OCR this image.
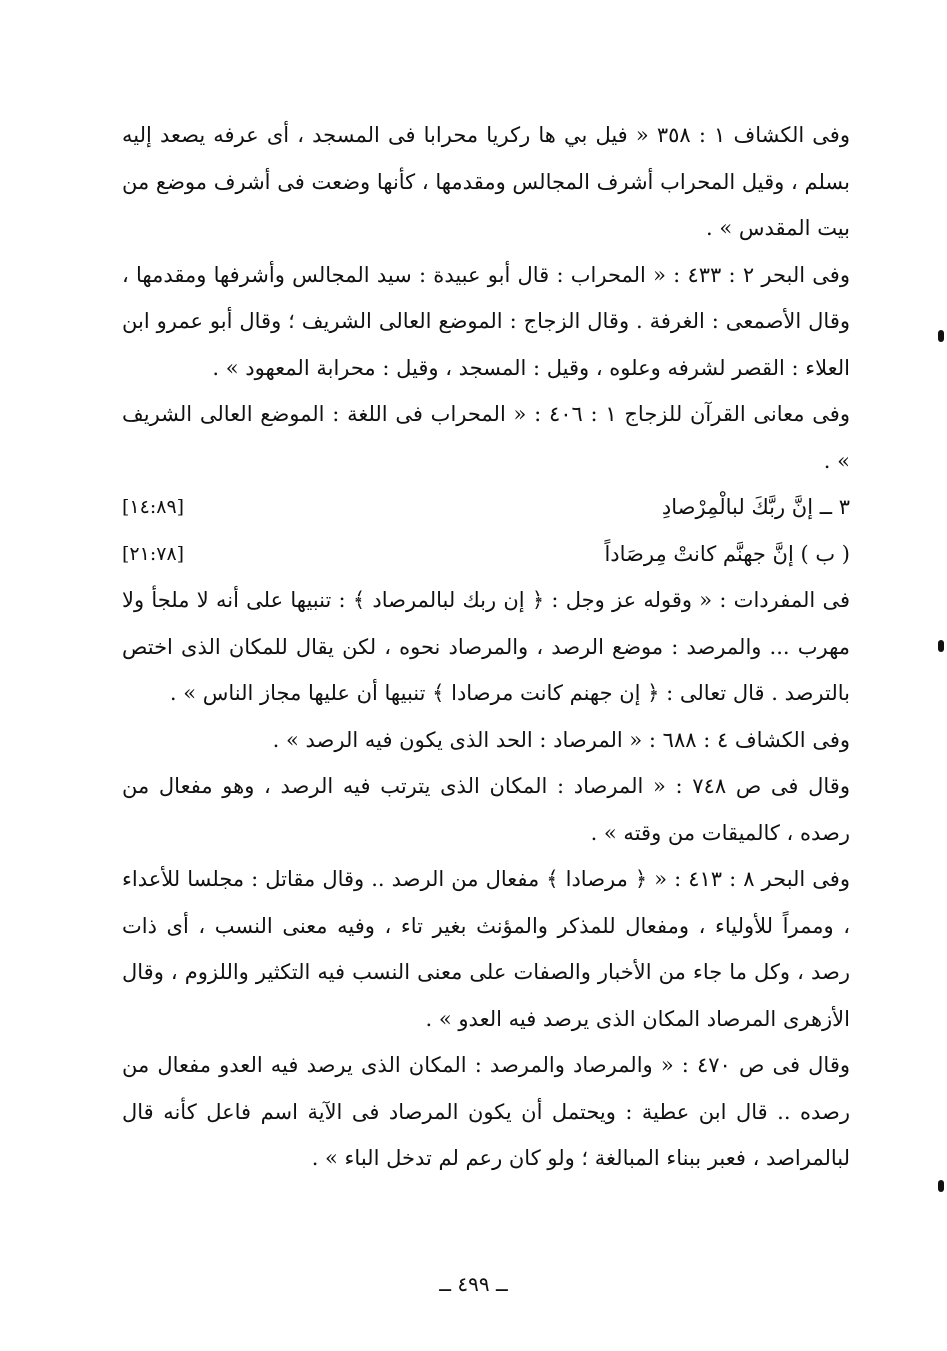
وفى الكشاف ١ : ٣٥٨ « فيل بي ها ركريا محرابا فى المسجد ، أى عرفه يصعد إليه بسلم ، وقيل المحراب أشرف المجالس ومقدمها ، كأنها وضعت فى أشرف موضع من بيت المقدس » .

وفى البحر ٢ : ٤٣٣ : « المحراب : قال أبو عبيدة : سيد المجالس وأشرفها ومقدمها ، وقال الأصمعى : الغرفة . وقال الزجاج : الموضع العالى الشريف ؛ وقال أبو عمرو ابن العلاء : القصر لشرفه وعلوه ، وقيل : المسجد ، وقيل : محرابة المعهود » .

وفى معانى القرآن للزجاج ١ : ٤٠٦ : « المحراب فى اللغة : الموضع العالى الشريف » .

٣ ــ إنَّ ربَّكَ لبالْمِرْصادِ
[١٤:٨٩]
( ب ) إنَّ جهنَّم كانتْ مِرصَاداً
[٢١:٧٨]

فى المفردات : « وقوله عز وجل : ﴿ إن ربك لبالمرصاد ﴾ : تنبيها على أنه لا ملجأ ولا مهرب ... والمرصد : موضع الرصد ، والمرصاد نحوه ، لكن يقال للمكان الذى اختص بالترصد . قال تعالى : ﴿ إن جهنم كانت مرصادا ﴾ تنبيها أن عليها مجاز الناس » .

وفى الكشاف ٤ : ٦٨٨ : « المرصاد : الحد الذى يكون فيه الرصد » .

وقال فى ص ٧٤٨ : « المرصاد : المكان الذى يترتب فيه الرصد ، وهو مفعال من رصده ، كالميقات من وقته » .

وفى البحر ٨ : ٤١٣ : « ﴿ مرصادا ﴾ مفعال من الرصد .. وقال مقاتل : مجلسا للأعداء ، وممراً للأولياء ، ومفعال للمذكر والمؤنث بغير تاء ، وفيه معنى النسب ، أى ذات رصد ، وكل ما جاء من الأخبار والصفات على معنى النسب فيه التكثير واللزوم ، وقال الأزهرى المرصاد المكان الذى يرصد فيه العدو » .

وقال فى ص ٤٧٠ : « والمرصاد والمرصد : المكان الذى يرصد فيه العدو مفعال من رصده .. قال ابن عطية : ويحتمل أن يكون المرصاد فى الآية اسم فاعل كأنه قال لبالمراصد ، فعبر ببناء المبالغة ؛ ولو كان رعم لم تدخل الباء » .

ــ ٤٩٩ ــ
